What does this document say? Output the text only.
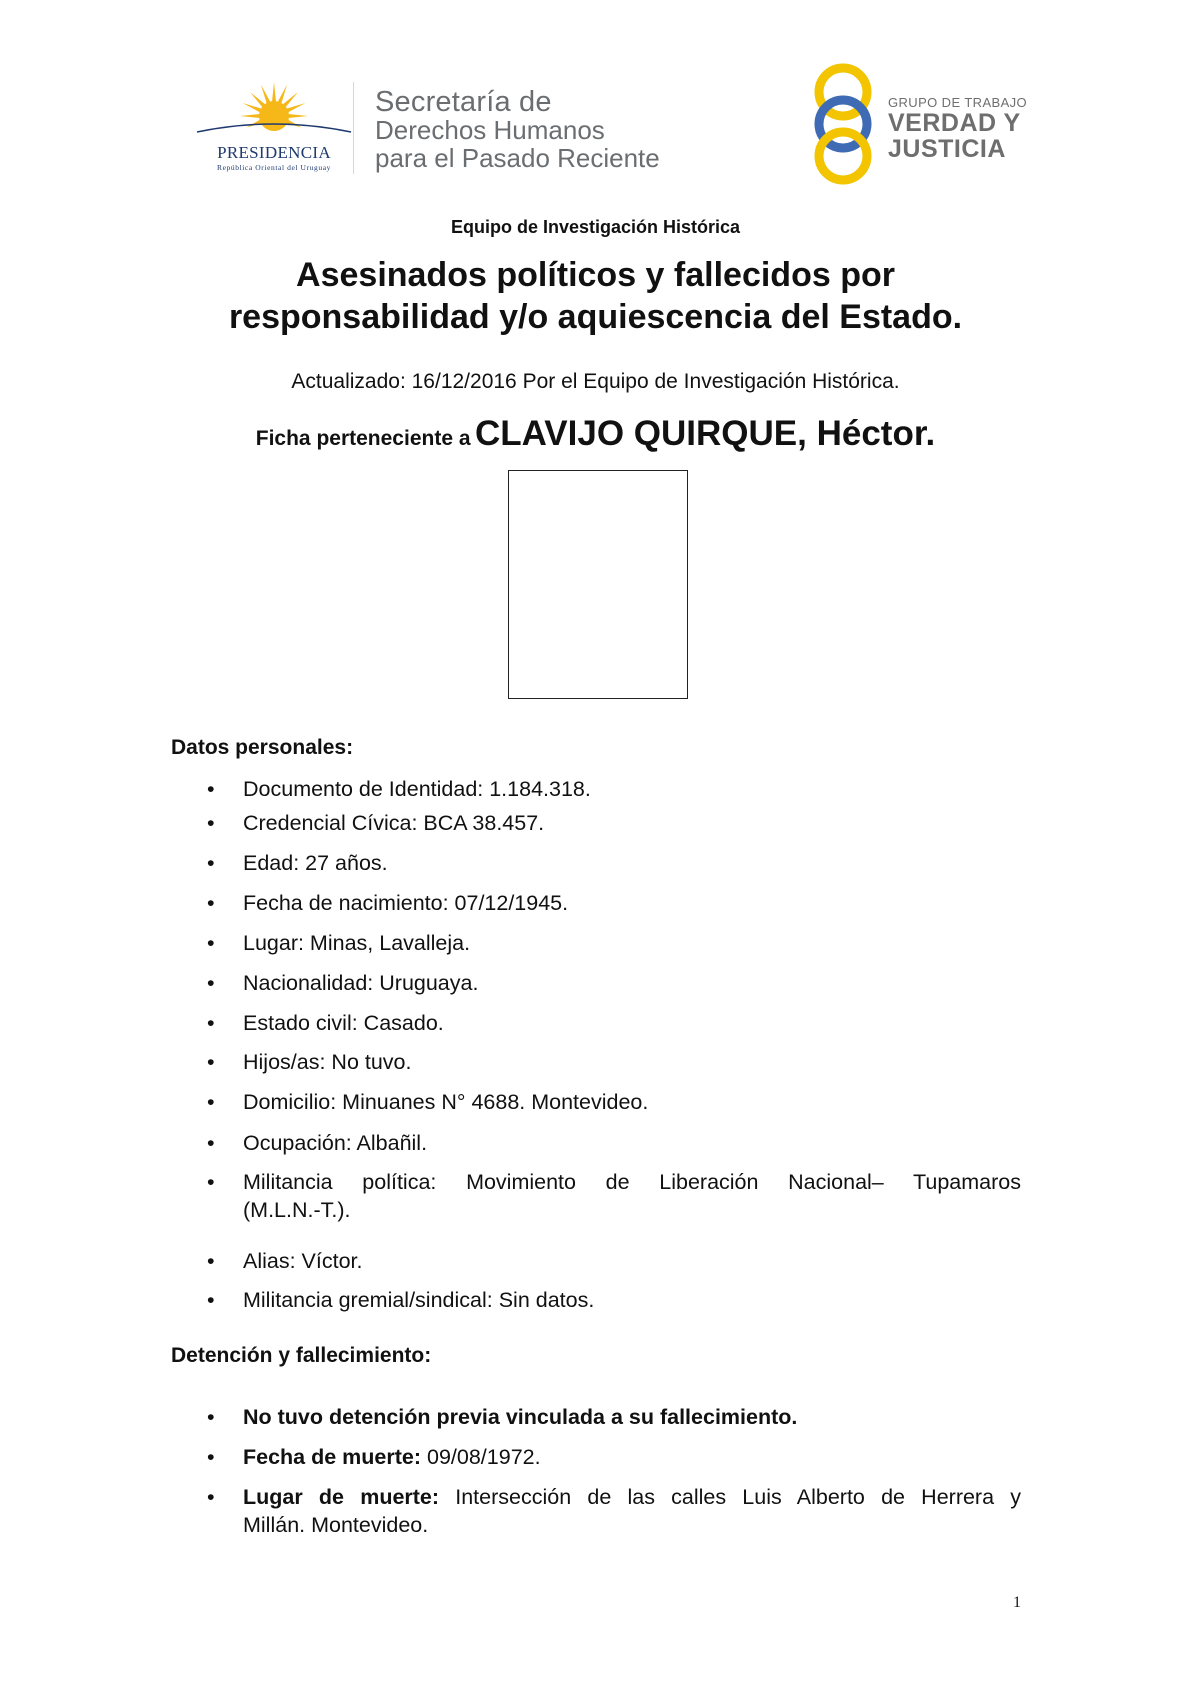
PRESIDENCIA
República Oriental del Uruguay
Secretaría de
Derechos Humanos
para el Pasado Reciente
GRUPO DE TRABAJO
VERDAD Y
JUSTICIA
Equipo de Investigación Histórica
Asesinados políticos y fallecidos por
responsabilidad y/o aquiescencia del Estado.
Actualizado: 16/12/2016 Por el Equipo de Investigación Histórica.
Ficha perteneciente a CLAVIJO QUIRQUE, Héctor.
Datos personales:
• Documento de Identidad: 1.184.318.
• Credencial Cívica: BCA 38.457.
• Edad: 27 años.
• Fecha de nacimiento: 07/12/1945.
• Lugar: Minas, Lavalleja.
• Nacionalidad: Uruguaya.
• Estado civil: Casado.
• Hijos/as: No tuvo.
• Domicilio: Minuanes N° 4688. Montevideo.
• Ocupación: Albañil.
• Militancia política: Movimiento de Liberación Nacional– Tupamaros
(M.L.N.-T.).
• Alias: Víctor.
• Militancia gremial/sindical: Sin datos.
Detención y fallecimiento:
• No tuvo detención previa vinculada a su fallecimiento.
• Fecha de muerte: 09/08/1972.
• Lugar de muerte: Intersección de las calles Luis Alberto de Herrera y
Millán. Montevideo.
1
